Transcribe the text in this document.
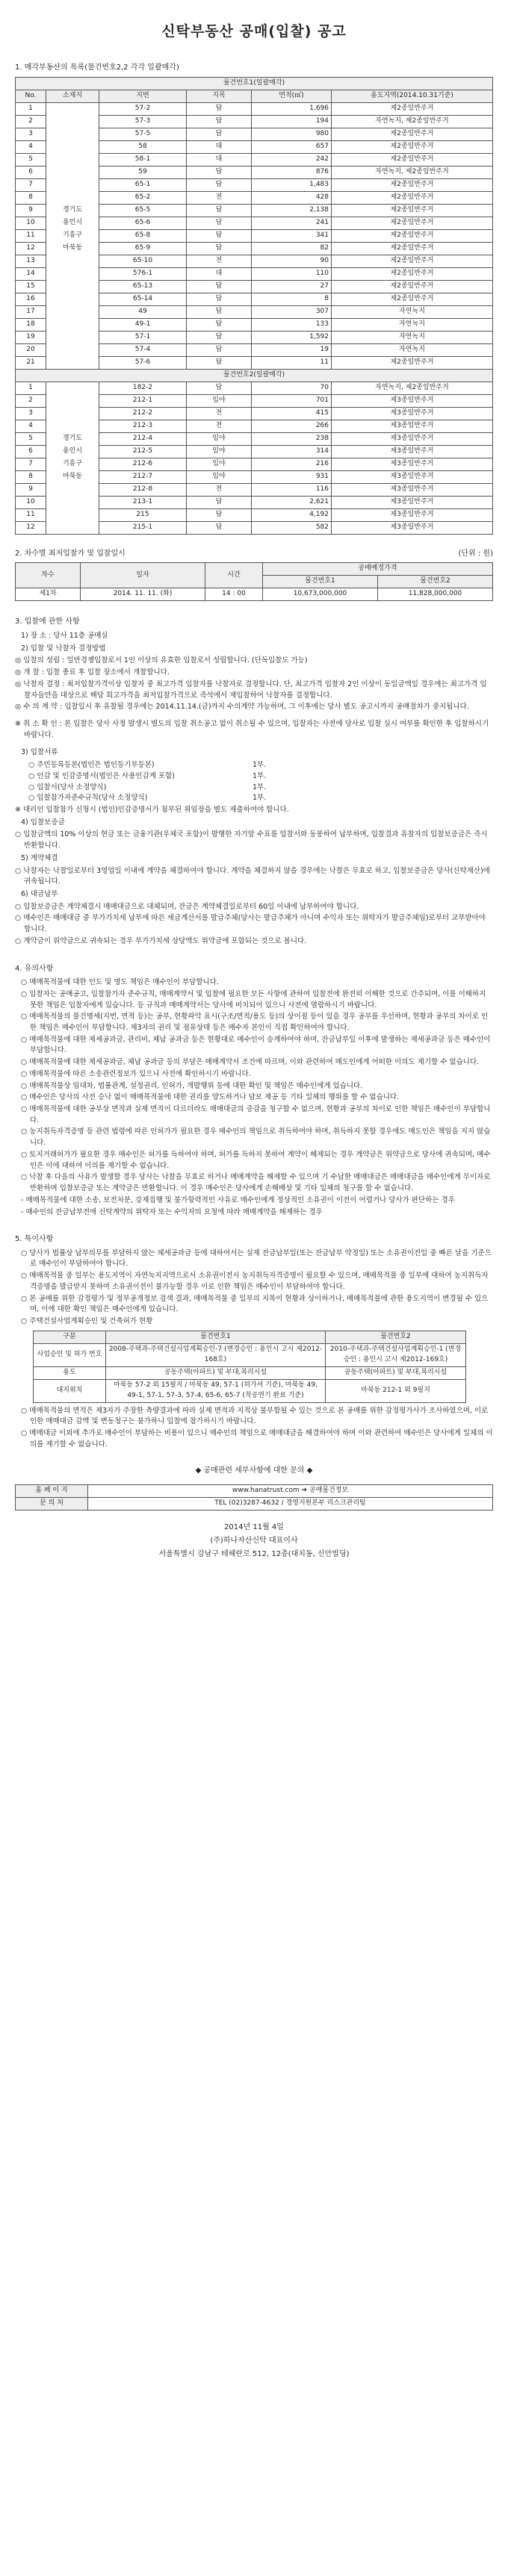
신탁부동산 공매(입찰) 공고
1. 매각부동산의 목록(물건번호2,2 각각 일괄매각)
물건번호1(일괄매각)					
No.	소재지	지번	지목	면적(㎡)	용도지역(2014.10.31기준)
1		57-2	답	1,696	제2종일반주거
2		57-3	답	194	자연녹지, 제2종일반주거
3		57-5	답	980	제2종일반주거
4		58	대	657	제2종일반주거
5		58-1	대	242	제2종일반주거
6		59	답	876	자연녹지, 제2종일반주거
7		65-1	답	1,483	제2종일반주거
8		65-2	전	428	제2종일반주거
9	경기도	65-5	답	2,138	제2종일반주거
10	용인시	65-6	답	241	제2종일반주거
11	기흥구	65-8	답	341	제2종일반주거
12	마북동	65-9	답	82	제2종일반주거
13		65-10	전	90	제2종일반주거
14		576-1	대	110	제2종일반주거
15		65-13	답	27	제2종일반주거
16		65-14	답	8	제2종일반주거
17		49	답	307	자연녹지
18		49-1	답	133	자연녹지
19		57-1	답	1,592	자연녹지
20		57-4	답	19	자연녹지
21		57-6	답	11	제2종일반주거
물건번호2(일괄매각)					
1		182-2	답	70	자연녹지, 제2종일반주거
2		212-1	임야	701	제3종일반주거
3		212-2	전	415	제3종일반주거
4		212-3	전	266	제3종일반주거
5	경기도	212-4	임야	238	제3종일반주거
6	용인시	212-5	임야	314	제3종일반주거
7	기흥구	212-6	임야	216	제3종일반주거
8	마북동	212-7	임야	931	제3종일반주거
9		212-8	전	116	제3종일반주거
10		213-1	답	2,621	제3종일반주거
11		215	답	4,192	제3종일반주거
12		215-1	답	582	제3종일반주거
2. 차수별 최저입찰가 및 입찰일시	(단위 : 원)
차수	일자	시간	공매예정가격	
			물건번호1	물건번호2
제1차	2014. 11. 11. (화)	14 : 00	10,673,000,000	11,828,000,000
3. 입찰에 관한 사항
1) 장 소 : 당사 11층 공매실
2) 입찰 및 낙찰자 결정방법
◎ 입찰의 성립 : 일반경쟁입찰로서 1인 이상의 유효한 입찰로서 성립합니다. (단독입찰도 가능)
◎ 개 찰 : 입찰 종료 후 입찰 장소에서 개찰합니다.
◎ 낙찰자 결정 : 최저입찰가격이상 입찰자 중 최고가격 입찰자를 낙찰자로 결정합니다. 단, 최고가격 입찰자 2인 이상이 동일금액일 경우에는 최고가격 입찰자들만을 대상으로 해당 회고가격을 최저입찰가격으로 즉석에서 재입찰하여 낙찰자를 결정합니다.
◎ 수 의 계 약 : 입찰일시 후 유찰될 경우에는 2014.11.14.(금)까지 수의계약 가능하며, 그 이후에는 당사 별도 공고시까지 공매절차가 중지됩니다.
※ 취 소 확 인 : 본 입찰은 당사 사정 발생시 별도의 입찰 취소공고 없이 취소될 수 있으며, 입찰자는 사전에 당사로 입찰 실시 여부를 확인한 후 입찰하시기 바랍니다.
3) 입찰서류
○ 주민등록등본(법인은 법인등기부등본)	1부.
○ 인감 및 인감증명서(법인은 사용인감계 포함)	1부.
○ 입찰서(당사 소정양식)	1부.
○ 입찰참가자준수규칙(당사 소정양식)	1부.
※ 대리인 입찰참가 신청시 (법인)인감증명서가 첨부된 위임장을 별도 제출하여야 합니다.
4) 입찰보증금
○ 입찰금액의 10% 이상의 현금 또는 금융기관(우체국 포함)이 발행한 자기앞 수표를 입찰서와 동봉하여 납부하며, 입찰결과 유찰자의 입찰보증금은 즉시 반환합니다.
5) 계약체결
○ 낙찰자는 낙찰일로부터 3영업일 이내에 계약을 체결하여야 합니다. 계약을 체결하지 않을 경우에는 낙찰은 무효로 하고, 입찰보증금은 당사(신탁재산)에 귀속됩니다.
6) 대금납부
○ 입찰보증금은 계약체결시 매매대금으로 대체되며, 잔금은 계약체결일로부터 60일 이내에 납부하여야 합니다.
○ 매수인은 매매대금 중 부가가치세 납부에 따른 세금계산서를 발급주체(당사는 발급주체가 아니며 수익자 또는 위탁자가 발급주체임)로부터 교부받아야 합니다.
○ 계약금이 위약금으로 귀속되는 경우 부가가치세 상당액도 위약금에 포함되는 것으로 봅니다.
4. 유의사항
○ 매매목적물에 대한 인도 및 명도 책임은 매수인이 부담합니다.
○ 입찰자는 공매공고, 입찰참가자 준수규칙, 매매계약서 및 입찰에 필요한 모든 사항에 관하여 입찰전에 완전히 이해한 것으로 간주되며, 이를 이해하지 못한 책임은 입찰자에게 있습니다. 등 규칙과 매매계약서는 당사에 비치되어 있으니 사전에 열람하시기 바랍니다.
○ 매매목적물의 물건명세(지번, 면적 등)는 공부, 현황파악 표시(구조/면적/용도 등)의 상이점 등이 있을 경우 공부를 우선하며, 현황과 공부의 차이로 인한 책임은 매수인이 부담합니다. 제3자의 권리 및 점유상태 등은 매수자 본인이 직접 확인하여야 합니다.
○ 매매목적물에 대한 제세공과금, 관리비, 체납 공과금 등은 현황대로 매수인이 승계하여야 하며, 잔금납부일 이후에 발생하는 제세공과금 등은 매수인이 부담합니다.
○ 매매목적물에 대한 제세공과금, 체납 공과금 등의 부담은 매매계약서 조건에 따르며, 이와 관련하여 매도인에게 어떠한 이의도 제기할 수 없습니다.
○ 매매목적물에 따른 소송관련정보가 있으니 사전에 확인하시기 바랍니다.
○ 매매목적물상 임대차, 법률관계, 설정권리, 인허가, 개발행위 등에 대한 확인 및 책임은 매수인에게 있습니다.
○ 매수인은 당사의 사전 승낙 없이 매매목적물에 대한 권리를 양도하거나 담보 제공 등 기타 일체의 행위를 할 수 없습니다.
○ 매매목적물에 대한 공부상 면적과 실제 면적이 다르더라도 매매대금의 증감을 청구할 수 없으며, 현황과 공부의 차이로 인한 책임은 매수인이 부담합니다.
○ 농지취득자격증명 등 관련 법령에 따른 인허가가 필요한 경우 매수인의 책임으로 취득하여야 하며, 취득하지 못할 경우에도 매도인은 책임을 지지 않습니다.
○ 토지거래허가가 필요한 경우 매수인은 허가를 득하여야 하며, 허가를 득하지 못하여 계약이 해제되는 경우 계약금은 위약금으로 당사에 귀속되며, 매수인은 이에 대하여 이의를 제기할 수 없습니다.
○ 낙찰 후 다음의 사유가 발생할 경우 당사는 낙찰을 무효로 하거나 매매계약을 해제할 수 있으며 기 수납한 매매대금은 매매대금을 매수인에게 무이자로 반환하며 입찰보증금 또는 계약금은 반환합니다. 이 경우 매수인은 당사에게 손해배상 및 기타 일체의 청구를 할 수 없습니다.
- 매매목적물에 대한 소송, 보전처분, 강제집행 및 불가항력적인 사유로 매수인에게 정상적인 소유권이 이전이 어렵거나 당사가 판단하는 경우
- 매수인의 잔금납부전에 신탁계약의 위탁자 또는 수익자의 요청에 따라 매매계약을 해제하는 경우
5. 특이사항
○ 당사가 법률상 납부의무를 부담하지 않는 체세공과금 등에 대하여서는 실제 잔금납부일(또는 잔금납부 약정일) 또는 소유권이전일 중 빠른 날을 기준으로 매수인이 부담하여야 합니다.
○ 매매목적물 중 일부는 용도지역이 자연녹지지역으로서 소유권이전시 농지취득자격증명이 필요할 수 있으며, 매매목적물 중 일부에 대하여 농지취득자격증명을 발급받지 못하여 소유권이전이 불가능할 경우 이로 인한 책임은 매수인이 부담하여야 합니다.
○ 본 공매를 위한 감정평가 및 정부공개정보 검색 결과, 매매목적물 중 일부의 지목이 현황과 상이하거나, 매매목적물에 관한 용도지역이 변경될 수 있으며, 이에 대한 확인 책임은 매수인에게 있습니다.
○ 주택건설사업계획승인 및 건축허가 현황
구분	물건번호1	물건번호2
사업승인 및 허가 번호	2008-주택과-주택건설사업계획승인-7 (변경승인 : 용인시 고시 제2012-168호)	2010-주택과-주택건설사업계획승인-1 (변경승인 : 용인시 고시 제2012-169호)
용도	공동주택(아파트) 및 부대,복리시설	공동주택(아파트) 및 부대,복리시설
대지위치	마북동 57-2 외 15필지 / 마북동 49, 57-1 (허가서 기준), 마북동 49, 49-1, 57-1, 57-3, 57-4, 65-6, 65-7 (착공연기 완료 기준)	마북동 212-1 외 9필지
○ 매매목적물의 면적은 제3자가 주장한 측량결과에 따라 실제 면적과 지적상 불부합될 수 있는 것으로 본 공매를 위한 감정평가사가 조사하였으며, 이로 인한 매매대금 감액 및 변동청구는 불가하니 입찰에 참가하시기 바랍니다.
○ 매매대금 이외에 추가로 매수인이 부담하는 비용이 있으니 매수인의 책임으로 매매대금을 해결하여야 하며 이와 관련하여 매수인은 당사에게 일체의 이의를 제기할 수 없습니다.
◆ 공매관련 세부사항에 대한 문의 ◆
홈 페 이 지	www.hanatrust.com ➔ 공매물건정보
문 의 처	TEL (02)3287-4632 / 경영지원본부 리스크관리팀
2014년 11월 4일
(주)하나자산신탁 대표이사
서울특별시 강남구 테헤란로 512, 12층(대치동, 신안빌딩)
